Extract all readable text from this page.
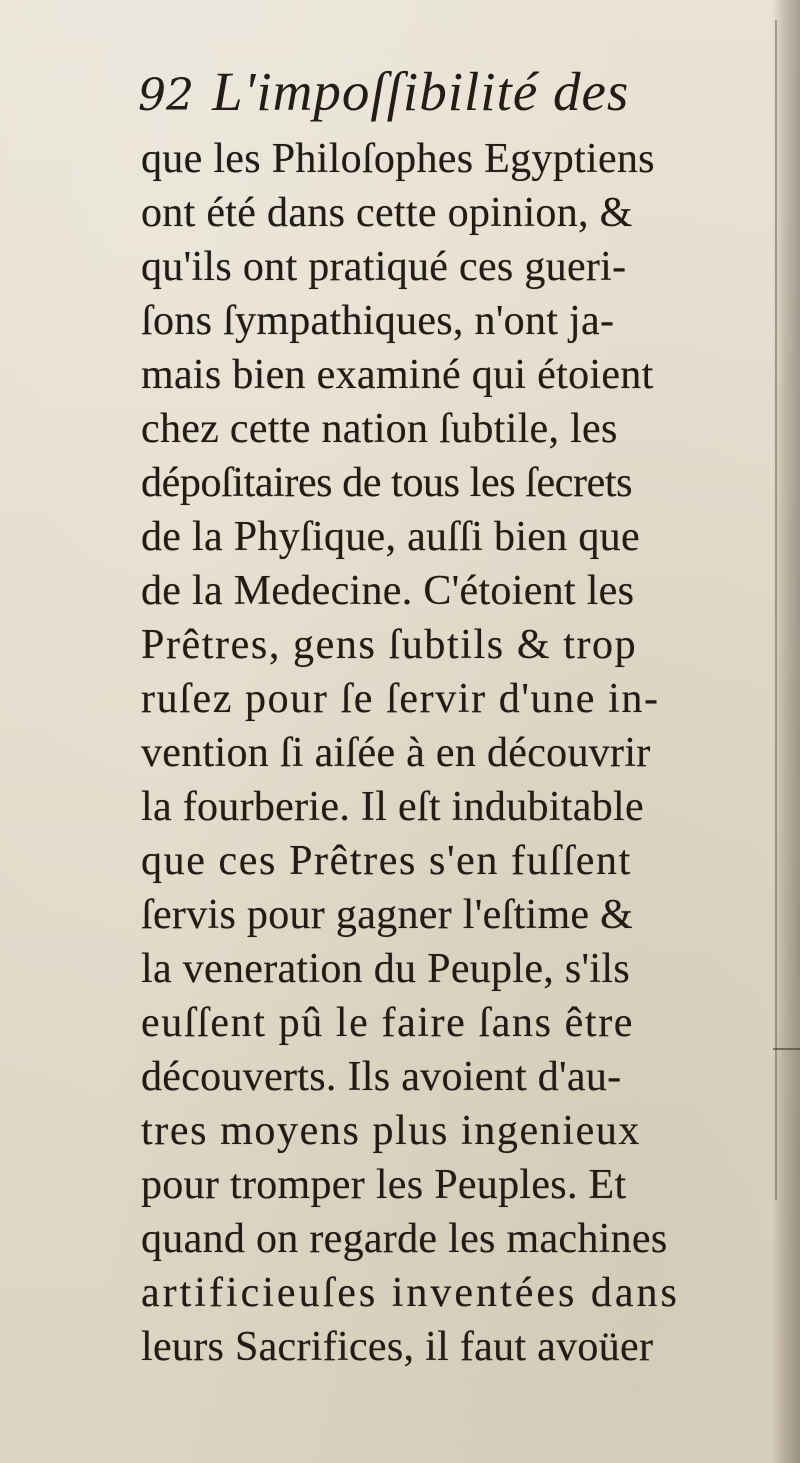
92 L'impoſſibilité des
que les Philoſophes Egyptiens
ont été dans cette opinion, &
qu'ils ont pratiqué ces gueri-
ſons ſympathiques, n'ont ja-
mais bien examiné qui étoient
chez cette nation ſubtile, les
dépoſitaires de tous les ſecrets
de la Phyſique, auſſi bien que
de la Medecine. C'étoient les
Prêtres, gens ſubtils & trop
ruſez pour ſe ſervir d'une in-
vention ſi aiſée à en découvrir
la fourberie. Il eſt indubitable
que ces Prêtres s'en fuſſent
ſervis pour gagner l'eſtime &
la veneration du Peuple, s'ils
euſſent pû le faire ſans être
découverts. Ils avoient d'au-
tres moyens plus ingenieux
pour tromper les Peuples. Et
quand on regarde les machines
artificieuſes inventées dans
leurs Sacrifices, il faut avoüer
